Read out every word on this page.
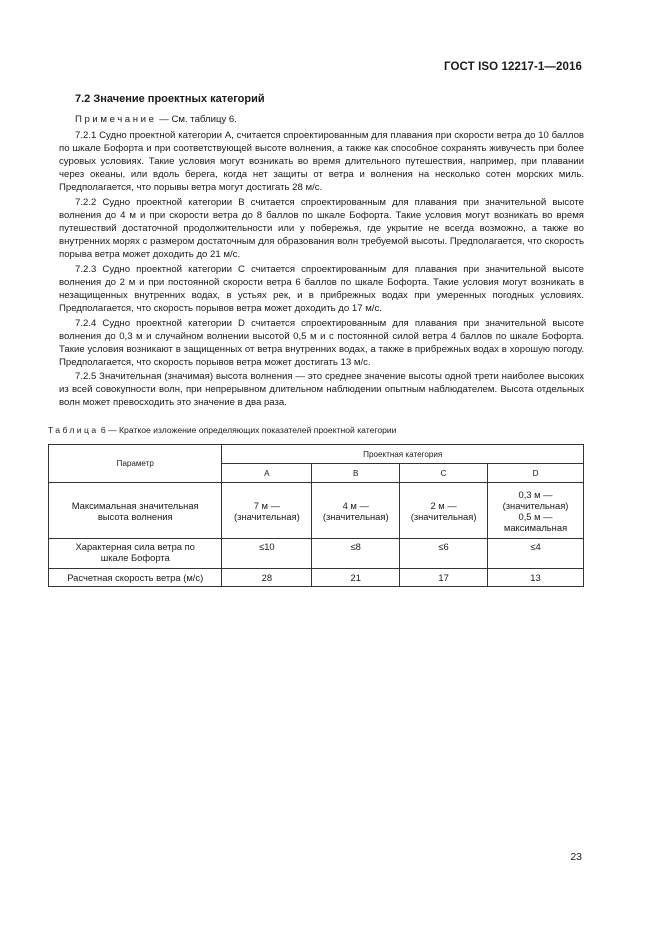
ГОСТ ISO 12217-1—2016
7.2 Значение проектных категорий
Примечание — См. таблицу 6.

7.2.1 Судно проектной категории А, считается спроектированным для плавания при скорости ветра до 10 баллов по шкале Бофорта и при соответствующей высоте волнения, а также как способное сохранять живучесть при более суровых условиях. Такие условия могут возникать во время длительного путешествия, например, при плавании через океаны, или вдоль берега, когда нет защиты от ветра и волнения на несколько сотен морских миль. Предполагается, что порывы ветра могут достигать 28 м/с.

7.2.2 Судно проектной категории В считается спроектированным для плавания при значительной высоте волнения до 4 м и при скорости ветра до 8 баллов по шкале Бофорта. Такие условия могут возникать во время путешествий достаточной продолжительности или у побережья, где укрытие не всегда возможно, а также во внутренних морях с размером достаточным для образования волн требуемой высоты. Предполагается, что скорость порыва ветра может доходить до 21 м/с.

7.2.3 Судно проектной категории С считается спроектированным для плавания при значительной высоте волнения до 2 м и при постоянной скорости ветра 6 баллов по шкале Бофорта. Такие условия могут возникать в незащищенных внутренних водах, в устьях рек, и в прибрежных водах при умеренных погодных условиях. Предполагается, что скорость порывов ветра может доходить до 17 м/с.

7.2.4 Судно проектной категории D считается спроектированным для плавания при значительной высоте волнения до 0,3 м и случайном волнении высотой 0,5 м и с постоянной силой ветра 4 баллов по шкале Бофорта. Такие условия возникают в защищенных от ветра внутренних водах, а также в прибрежных водах в хорошую погоду. Предполагается, что скорость порывов ветра может достигать 13 м/с.

7.2.5 Значительная (значимая) высота волнения — это среднее значение высоты одной трети наиболее высоких из всей совокупности волн, при непрерывном длительном наблюдении опытным наблюдателем. Высота отдельных волн может превосходить это значение в два раза.

Таблица 6 — Краткое изложение определяющих показателей проектной категории
Параметр	Проектная категория			
	A	B	C	D
Максимальная значительная высота волнения	7 м — (значительная)	4 м — (значительная)	2 м — (значительная)	0,3 м — (значительная) 0,5 м — максимальная
Характерная сила ветра по шкале Бофорта	≤10	≤8	≤6	≤4
Расчетная скорость ветра (м/с)	28	21	17	13
23
